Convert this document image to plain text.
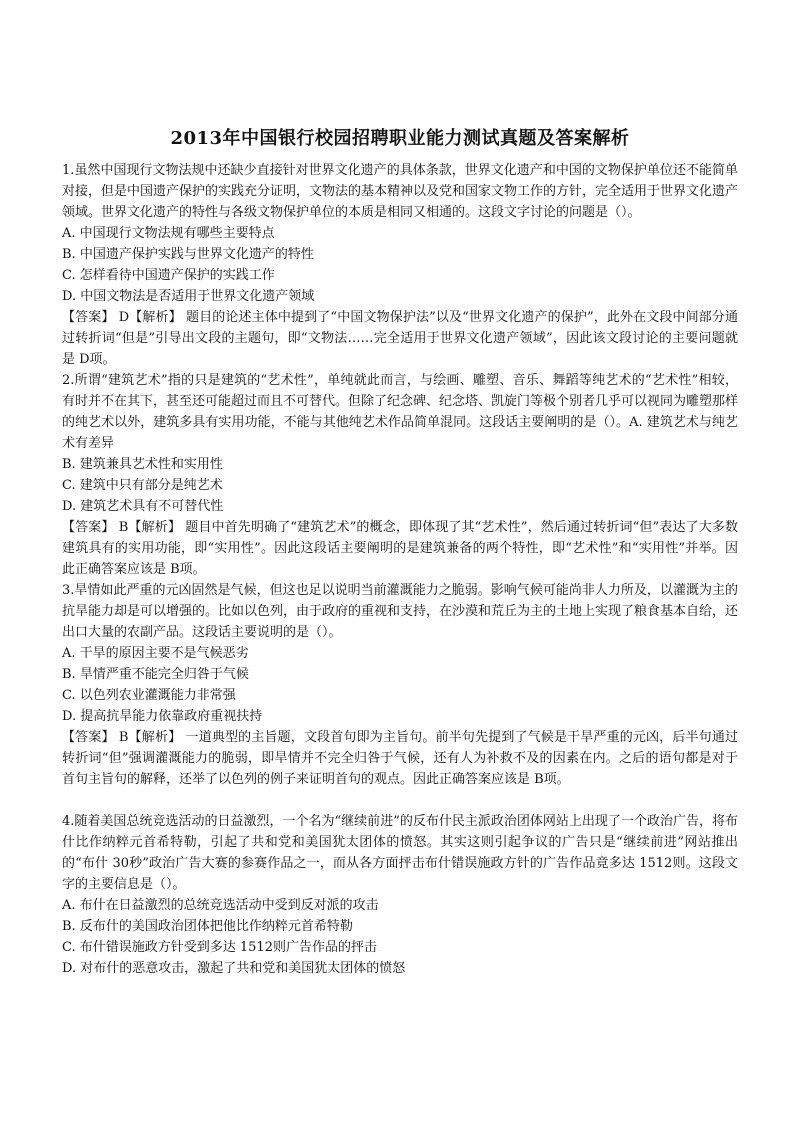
2013年中国银行校园招聘职业能力测试真题及答案解析

1.虽然中国现行文物法规中还缺少直接针对世界文化遗产的具体条款，世界文化遗产和中国的文物保护单位还不能简单对接，但是中国遗产保护的实践充分证明，文物法的基本精神以及党和国家文物工作的方针，完全适用于世界文化遗产领域。世界文化遗产的特性与各级文物保护单位的本质是相同又相通的。这段文字讨论的问题是（）。

A. 中国现行文物法规有哪些主要特点

B. 中国遗产保护实践与世界文化遗产的特性

C. 怎样看待中国遗产保护的实践工作

D. 中国文物法是否适用于世界文化遗产领域

【答案】 D【解析】 题目的论述主体中提到了“中国文物保护法”以及“世界文化遗产的保护”，此外在文段中间部分通过转折词“但是”引导出文段的主题句，即“文物法……完全适用于世界文化遗产领域”，因此该文段讨论的主要问题就是 D项。

2.所谓“建筑艺术”指的只是建筑的“艺术性”，单纯就此而言，与绘画、雕塑、音乐、舞蹈等纯艺术的“艺术性”相较，有时并不在其下，甚至还可能超过而且不可替代。但除了纪念碑、纪念塔、凯旋门等极个别者几乎可以视同为雕塑那样的纯艺术以外，建筑多具有实用功能，不能与其他纯艺术作品简单混同。这段话主要阐明的是（）。A. 建筑艺术与纯艺术有差异

B. 建筑兼具艺术性和实用性

C. 建筑中只有部分是纯艺术

D. 建筑艺术具有不可替代性

【答案】 B【解析】 题目中首先明确了“建筑艺术”的概念，即体现了其“艺术性”，然后通过转折词“但”表达了大多数建筑具有的实用功能，即“实用性”。因此这段话主要阐明的是建筑兼备的两个特性，即“艺术性”和“实用性”并举。因此正确答案应该是 B项。

3.旱情如此严重的元凶固然是气候，但这也足以说明当前灌溉能力之脆弱。影响气候可能尚非人力所及，以灌溉为主的抗旱能力却是可以增强的。比如以色列，由于政府的重视和支持，在沙漠和荒丘为主的土地上实现了粮食基本自给，还出口大量的农副产品。这段话主要说明的是（）。

A. 干旱的原因主要不是气候恶劣

B. 旱情严重不能完全归咎于气候

C. 以色列农业灌溉能力非常强

D. 提高抗旱能力依靠政府重视扶持

【答案】 B【解析】 一道典型的主旨题，文段首句即为主旨句。前半句先提到了气候是干旱严重的元凶，后半句通过转折词“但”强调灌溉能力的脆弱，即旱情并不完全归咎于气候，还有人为补救不及的因素在内。之后的语句都是对于首句主旨句的解释，还举了以色列的例子来证明首句的观点。因此正确答案应该是 B项。

4.随着美国总统竞选活动的日益激烈，一个名为“继续前进”的反布什民主派政治团体网站上出现了一个政治广告，将布什比作纳粹元首希特勒，引起了共和党和美国犹太团体的愤怒。其实这则引起争议的广告只是“继续前进”网站推出的“布什 30秒”政治广告大赛的参赛作品之一，而从各方面抨击布什错误施政方针的广告作品竟多达 1512则。这段文字的主要信息是（）。

A. 布什在日益激烈的总统竞选活动中受到反对派的攻击

B. 反布什的美国政治团体把他比作纳粹元首希特勒

C. 布什错误施政方针受到多达 1512则广告作品的抨击

D. 对布什的恶意攻击，激起了共和党和美国犹太团体的愤怒
